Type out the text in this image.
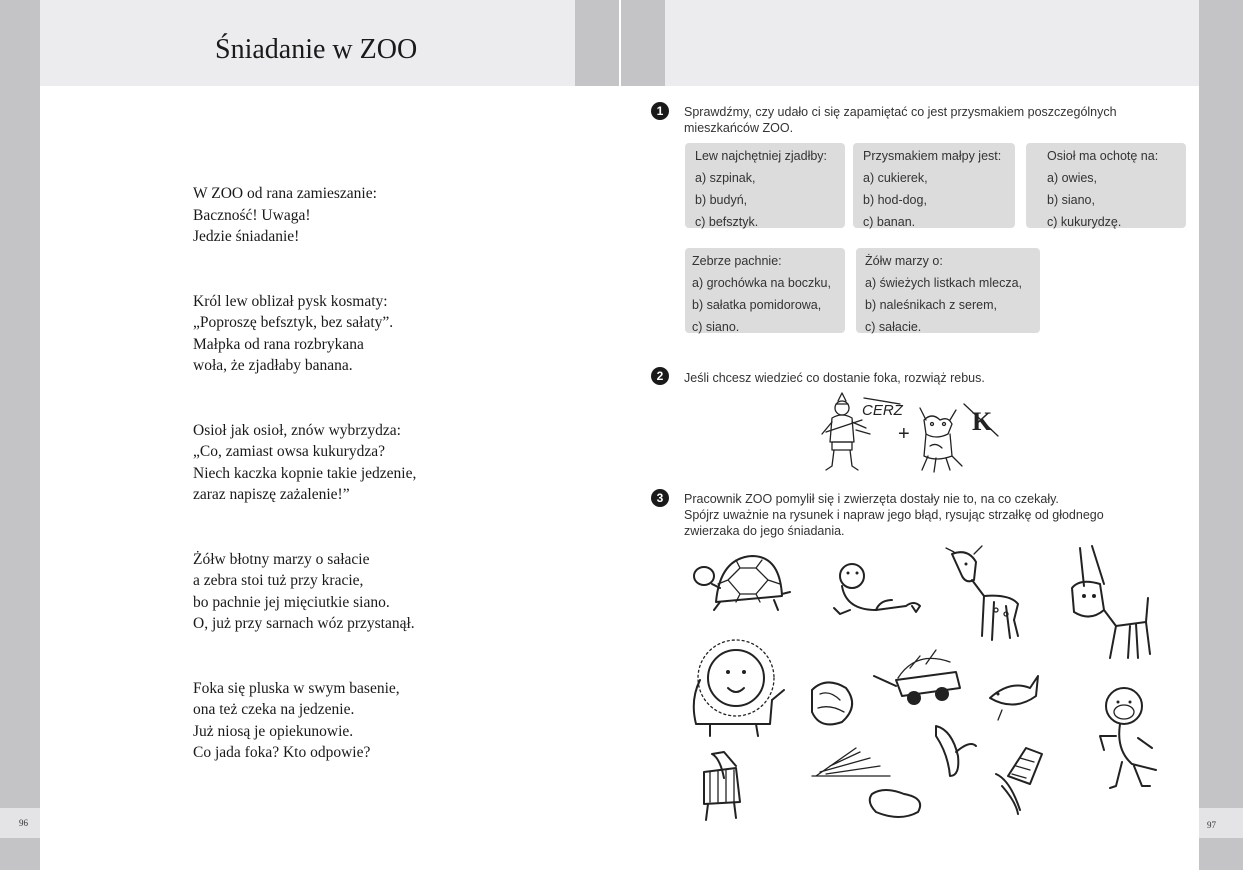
Śniadanie w ZOO
W ZOO od rana zamieszanie:
Baczność! Uwaga!
Jedzie śniadanie!
Król lew oblizał pysk kosmaty:
„Poproszę befsztyk, bez sałaty”.
Małpka od rana rozbrykana
woła, że zjadłaby banana.
Osioł jak osioł, znów wybrzydza:
„Co, zamiast owsa kukurydza?
Niech kaczka kopnie takie jedzenie,
zaraz napiszę zażalenie!”
Żółw błotny marzy o sałacie
a zebra stoi tuż przy kracie,
bo pachnie jej mięciutkie siano.
O, już przy sarnach wóz przystanął.
Foka się pluska w swym basenie,
ona też czeka na jedzenie.
Już niosą je opiekunowie.
Co jada foka? Kto odpowie?
96	97
1	Sprawdźmy, czy udało ci się zapamiętać co jest przysmakiem poszczególnych
mieszkańców ZOO.
Lew najchętniej zjadłby:
a) szpinak,
b) budyń,
c) befsztyk.
Przysmakiem małpy jest:
a) cukierek,
b) hod-dog,
c) banan.
Osioł ma ochotę na:
a) owies,
b) siano,
c) kukurydzę.
Zebrze pachnie:
a) grochówka na boczku,
b) sałatka pomidorowa,
c) siano.
Żółw marzy o:
a) świeżych listkach mlecza,
b) naleśnikach z serem,
c) sałacie.
2	Jeśli chcesz wiedzieć co dostanie foka, rozwiąż rebus.
CERZ
+ K
3	Pracownik ZOO pomylił się i zwierzęta dostały nie to, na co czekały.
Spójrz uważnie na rysunek i napraw jego błąd, rysując strzałkę od głodnego
zwierzaka do jego śniadania.
